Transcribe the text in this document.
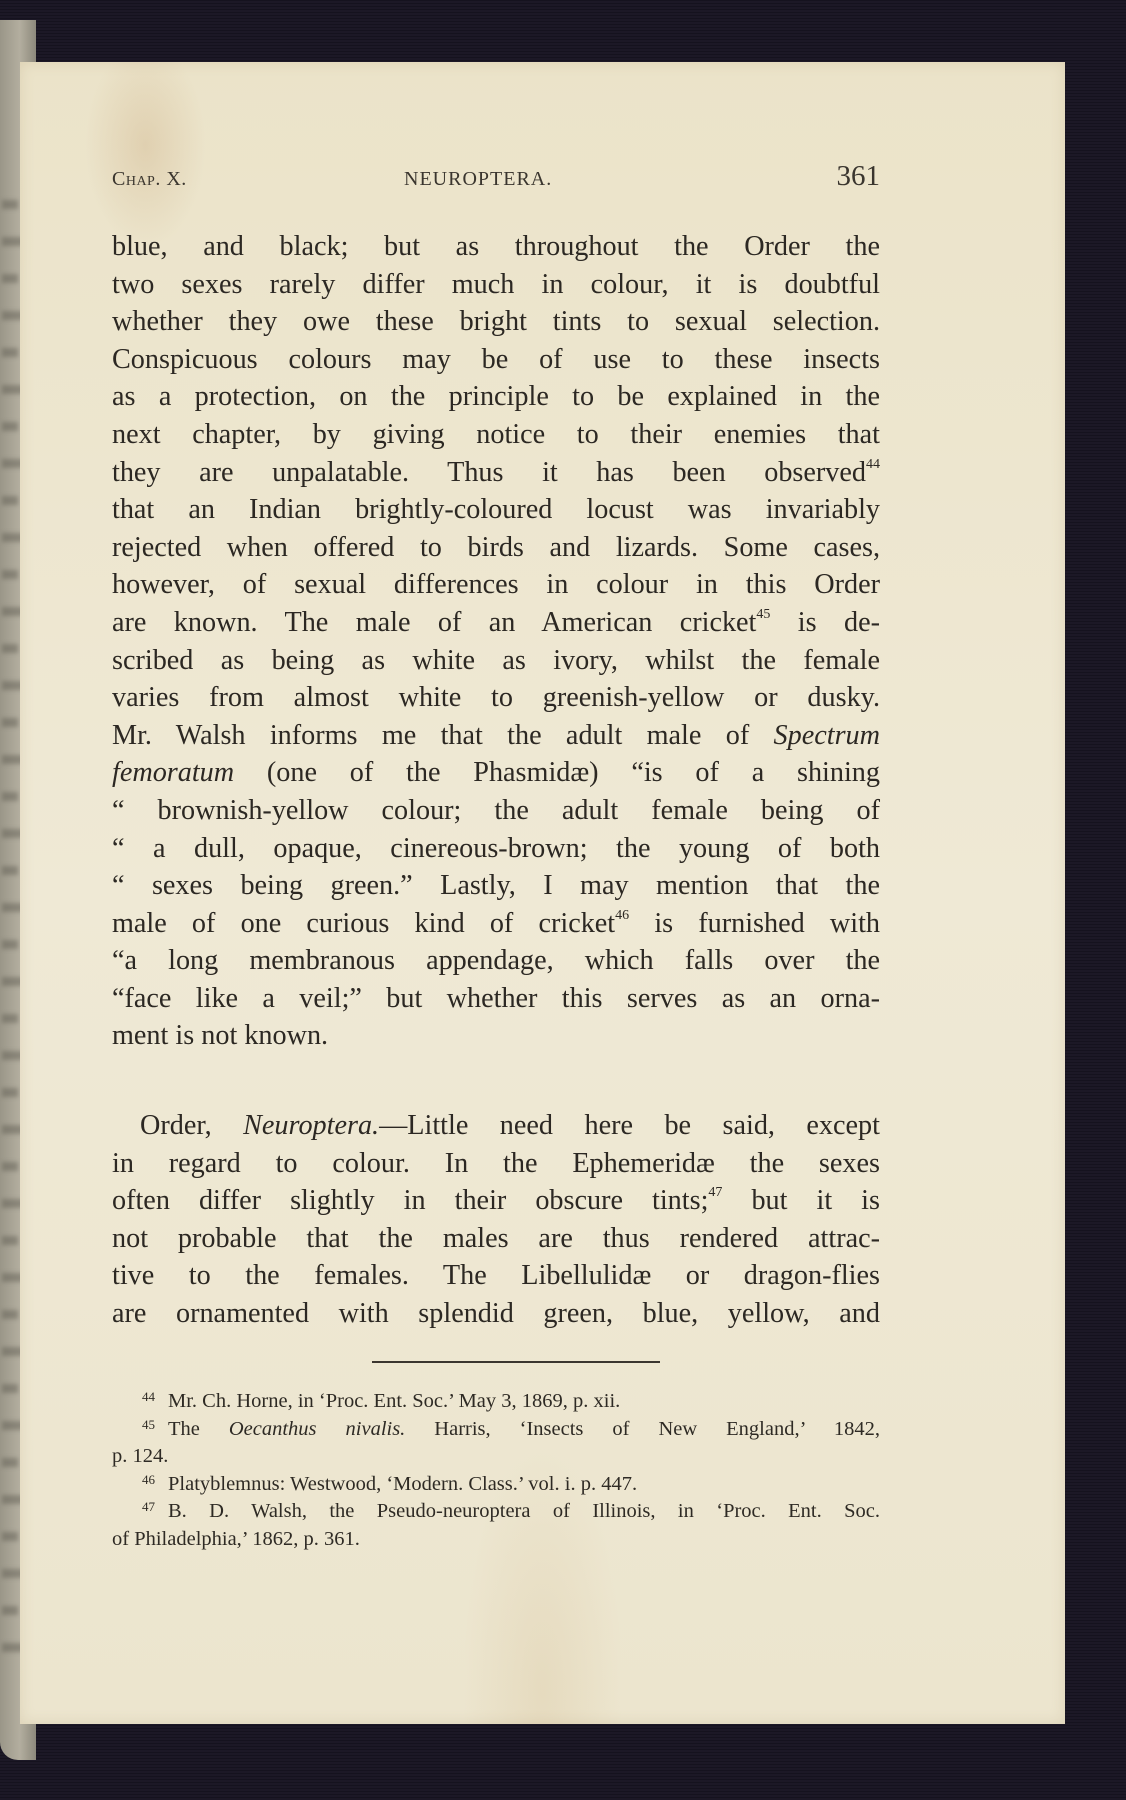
Chap. X.	NEUROPTERA.	361
blue, and black; but as throughout the Order the
two sexes rarely differ much in colour, it is doubtful
whether they owe these bright tints to sexual selection.
Conspicuous colours may be of use to these insects
as a protection, on the principle to be explained in the
next chapter, by giving notice to their enemies that
they are unpalatable. Thus it has been observed$^{44}$
that an Indian brightly-coloured locust was invariably
rejected when offered to birds and lizards. Some cases,
however, of sexual differences in colour in this Order
are known. The male of an American cricket$^{45}$ is de-
scribed as being as white as ivory, whilst the female
varies from almost white to greenish-yellow or dusky.
Mr. Walsh informs me that the adult male of Spectrum
femoratum (one of the Phasmidæ) “is of a shining
“ brownish-yellow colour; the adult female being of
“ a dull, opaque, cinereous-brown; the young of both
“ sexes being green.” Lastly, I may mention that the
male of one curious kind of cricket$^{46}$ is furnished with
“a long membranous appendage, which falls over the
“face like a veil;” but whether this serves as an orna-
ment is not known.
Order, Neuroptera.—Little need here be said, except
in regard to colour. In the Ephemeridæ the sexes
often differ slightly in their obscure tints;$^{47}$ but it is
not probable that the males are thus rendered attrac-
tive to the females. The Libellulidæ or dragon-flies
are ornamented with splendid green, blue, yellow, and
44 Mr. Ch. Horne, in ‘Proc. Ent. Soc.’ May 3, 1869, p. xii.
45 The Oecanthus nivalis. Harris, ‘Insects of New England,’ 1842,
p. 124.
46 Platyblemnus: Westwood, ‘Modern. Class.’ vol. i. p. 447.
47 B. D. Walsh, the Pseudo-neuroptera of Illinois, in ‘Proc. Ent. Soc.
of Philadelphia,’ 1862, p. 361.
